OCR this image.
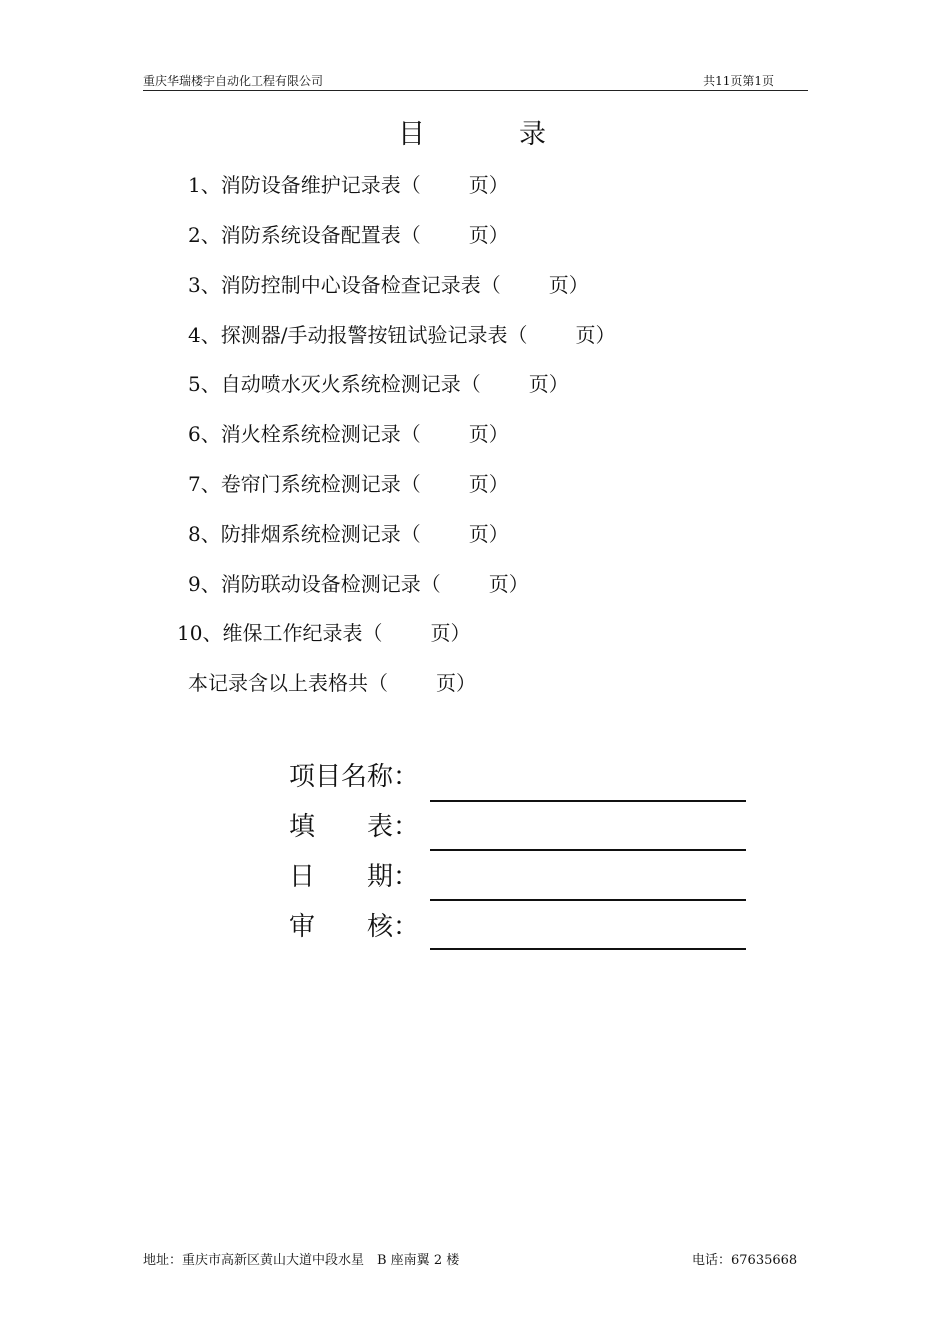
重庆华瑞楼宇自动化工程有限公司	共11页第1页
目	录
1、消防设备维护记录表（ 页）
2、消防系统设备配置表（ 页）
3、消防控制中心设备检查记录表（ 页）
4、探测器/手动报警按钮试验记录表（ 页）
5、自动喷水灭火系统检测记录（ 页）
6、消火栓系统检测记录（ 页）
7、卷帘门系统检测记录（ 页）
8、防排烟系统检测记录（ 页）
9、消防联动设备检测记录（ 页）
10、维保工作纪录表（ 页）
本记录含以上表格共（ 页）
项目名称：
填　　表：
日　　期：
审　　核：
地址：重庆市高新区黄山大道中段水星　B 座南翼 2 楼	电话：67635668
